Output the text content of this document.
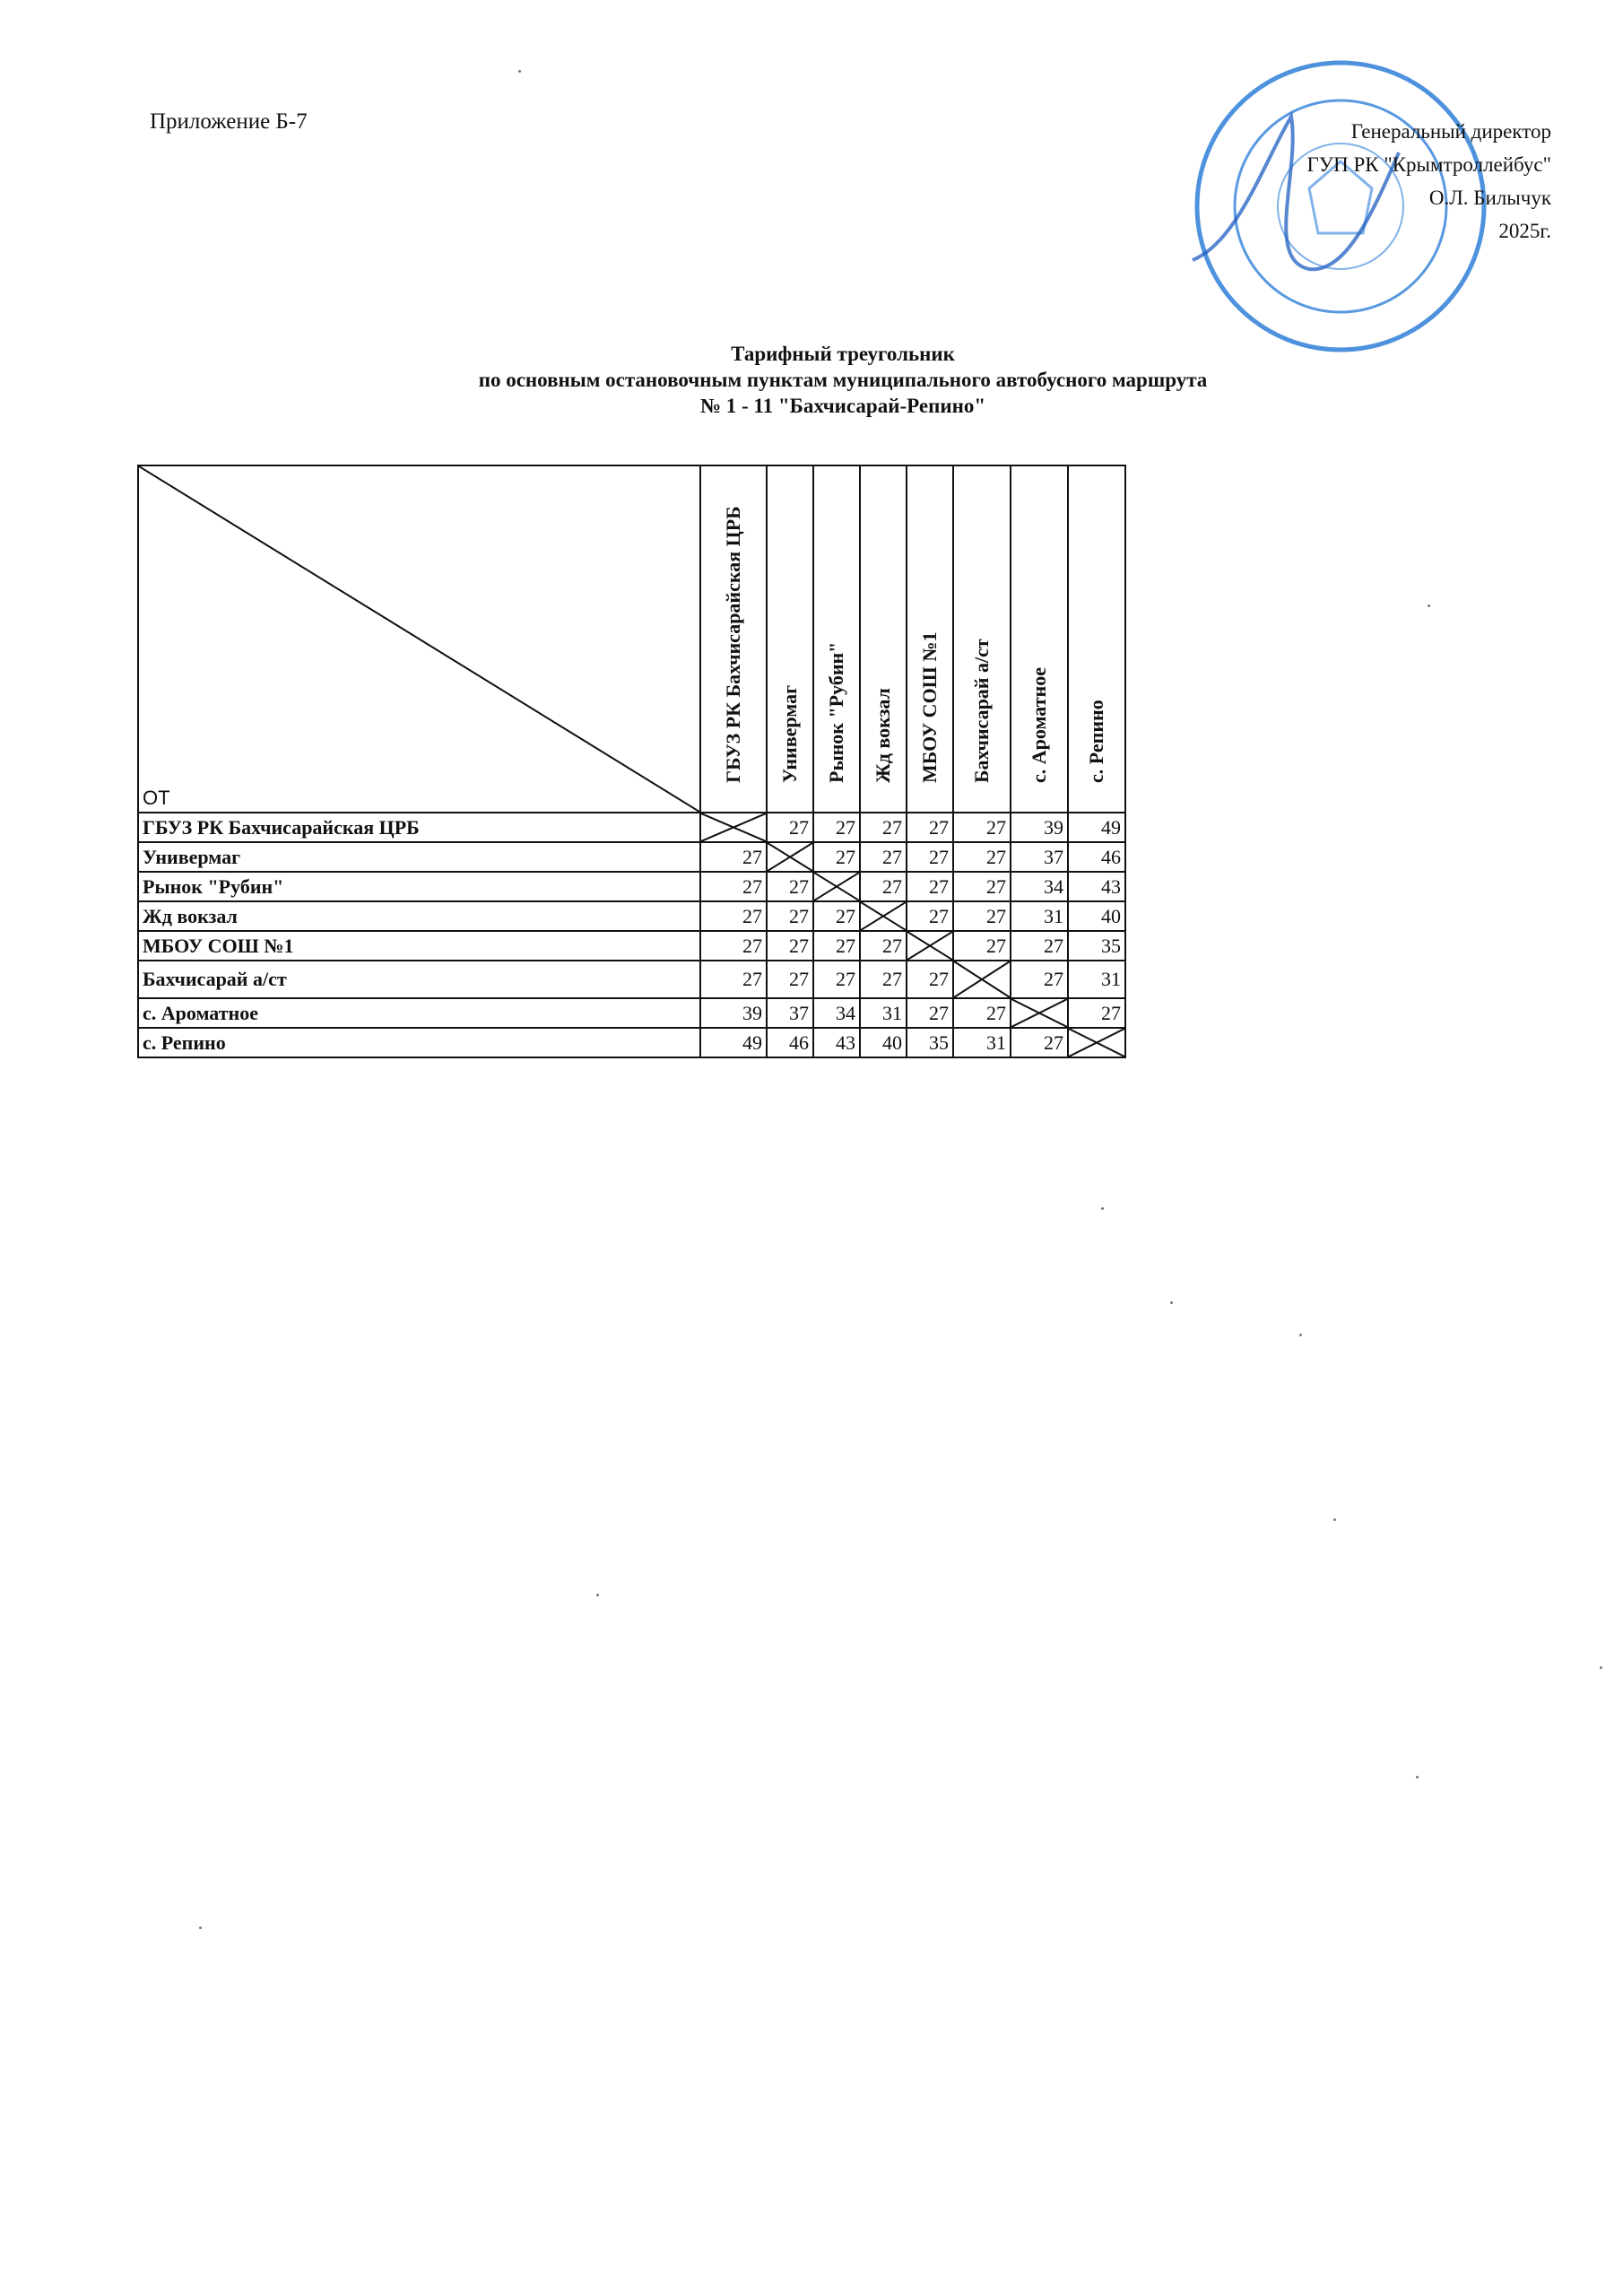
Приложение Б-7	Генеральный директор
ГУП РК "Крымтроллейбус"
О.Л. Билычук
2025г.
Тарифный треугольник
по основным остановочным пунктам муниципального автобусного маршрута
№ 1 - 11 "Бахчисарай-Репино"
ОТ	ГБУЗ РК Бахчисарайская ЦРБ	Универмаг	Рынок "Рубин"	Жд вокзал	МБОУ СОШ №1	Бахчисарай а/ст	с. Ароматное	с. Репино

ГБУЗ РК Бахчисарайская ЦРБ		27	27	27	27	27	39	49
Универмаг	27		27	27	27	27	37	46
Рынок "Рубин"	27	27		27	27	27	34	43
Жд вокзал	27	27	27		27	27	31	40
МБОУ СОШ №1	27	27	27	27		27	27	35
Бахчисарай а/ст	27	27	27	27	27		27	31
с. Ароматное	39	37	34	31	27	27		27
с. Репино	49	46	43	40	35	31	27	
